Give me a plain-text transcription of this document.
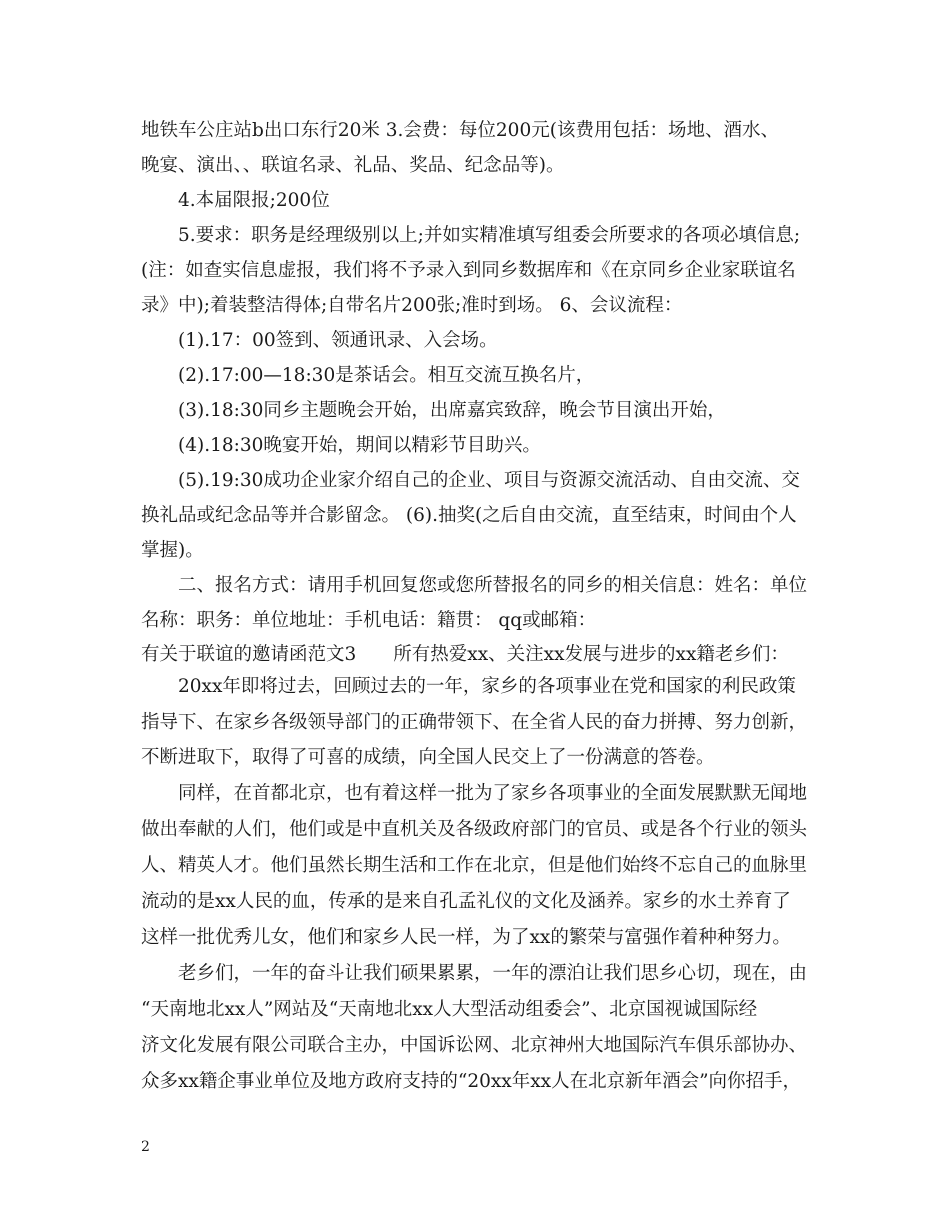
地铁车公庄站b出口东行20米 3.会费：每位200元(该费用包括：场地、酒水、
晚宴、演出、、联谊名录、礼品、奖品、纪念品等)。
4.本届限报;200位
5.要求：职务是经理级别以上;并如实精准填写组委会所要求的各项必填信息;
(注：如查实信息虚报，我们将不予录入到同乡数据库和《在京同乡企业家联谊名
录》中);着装整洁得体;自带名片200张;准时到场。 6、会议流程：
(1).17：00签到、领通讯录、入会场。
(2).17:00—18:30是茶话会。相互交流互换名片，
(3).18:30同乡主题晚会开始，出席嘉宾致辞，晚会节目演出开始，
(4).18:30晚宴开始，期间以精彩节目助兴。
(5).19:30成功企业家介绍自己的企业、项目与资源交流活动、自由交流、交
换礼品或纪念品等并合影留念。 (6).抽奖(之后自由交流，直至结束，时间由个人
掌握)。
二、报名方式：请用手机回复您或您所替报名的同乡的相关信息：姓名：单位
名称：职务：单位地址：手机电话：籍贯： qq或邮箱：
有关于联谊的邀请函范文3　　所有热爱xx、关注xx发展与进步的xx籍老乡们：
20xx年即将过去，回顾过去的一年，家乡的各项事业在党和国家的利民政策
指导下、在家乡各级领导部门的正确带领下、在全省人民的奋力拼搏、努力创新，
不断进取下，取得了可喜的成绩，向全国人民交上了一份满意的答卷。
同样，在首都北京，也有着这样一批为了家乡各项事业的全面发展默默无闻地
做出奉献的人们，他们或是中直机关及各级政府部门的官员、或是各个行业的领头
人、精英人才。他们虽然长期生活和工作在北京，但是他们始终不忘自己的血脉里
流动的是xx人民的血，传承的是来自孔孟礼仪的文化及涵养。家乡的水土养育了
这样一批优秀儿女，他们和家乡人民一样，为了xx的繁荣与富强作着种种努力。
老乡们，一年的奋斗让我们硕果累累，一年的漂泊让我们思乡心切，现在，由
“天南地北xx人”网站及“天南地北xx人大型活动组委会”、北京国视诚国际经
济文化发展有限公司联合主办，中国诉讼网、北京神州大地国际汽车俱乐部协办、
众多xx籍企事业单位及地方政府支持的“20xx年xx人在北京新年酒会”向你招手，
2
